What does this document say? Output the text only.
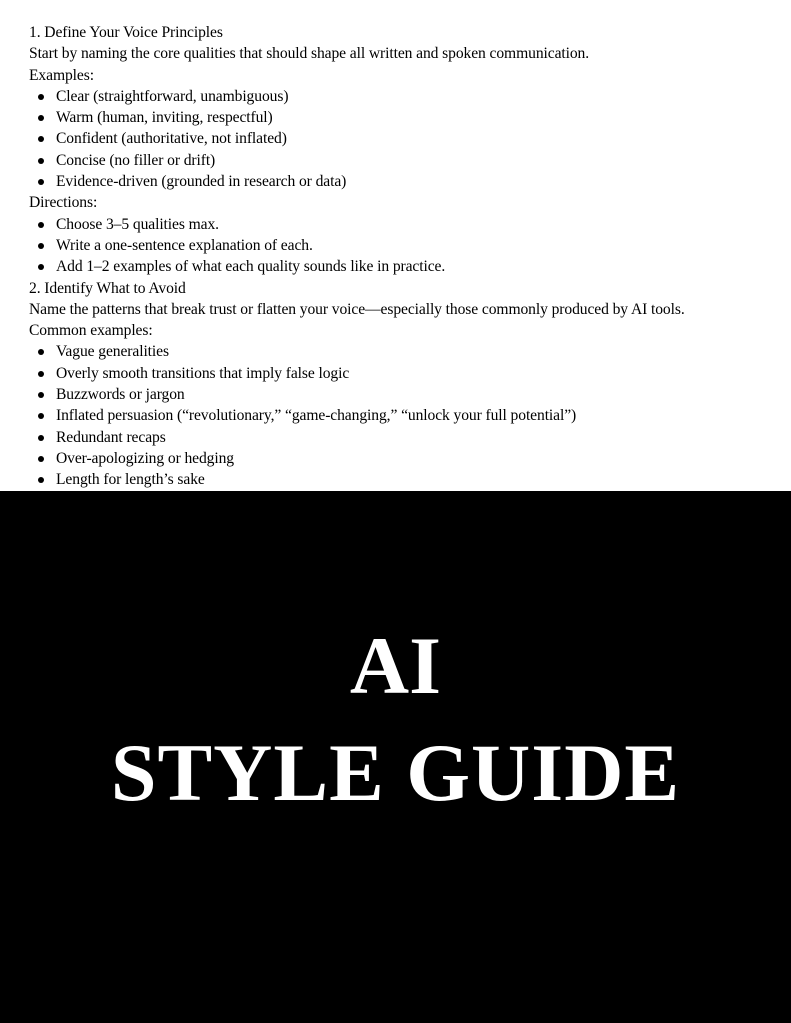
1. Define Your Voice Principles
Start by naming the core qualities that should shape all written and spoken communication.
Examples:
Clear (straightforward, unambiguous)
Warm (human, inviting, respectful)
Confident (authoritative, not inflated)
Concise (no filler or drift)
Evidence-driven (grounded in research or data)
Directions:
Choose 3–5 qualities max.
Write a one-sentence explanation of each.
Add 1–2 examples of what each quality sounds like in practice.
2. Identify What to Avoid
Name the patterns that break trust or flatten your voice—especially those commonly produced by AI tools.
Common examples:
Vague generalities
Overly smooth transitions that imply false logic
Buzzwords or jargon
Inflated persuasion (“revolutionary,” “game-changing,” “unlock your full potential”)
Redundant recaps
Over-apologizing or hedging
Length for length’s sake
AI
STYLE GUIDE
